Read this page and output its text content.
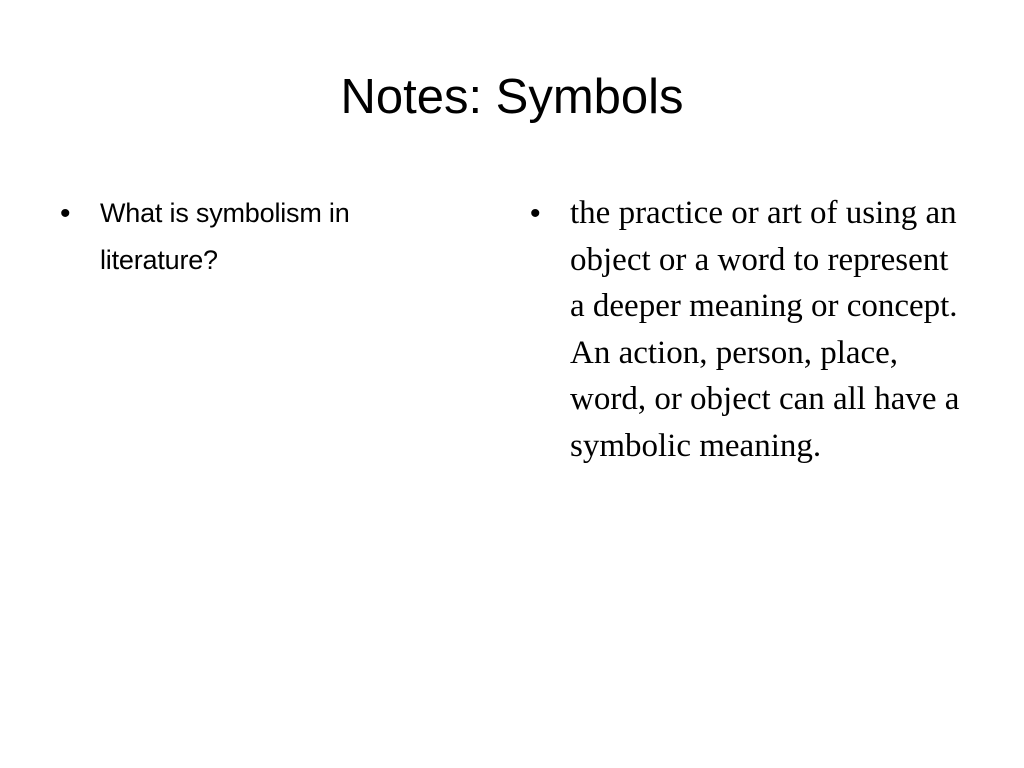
Notes: Symbols
•	What is symbolism in literature?
• the practice or art of using an object or a word to represent a deeper meaning or concept. An action, person, place, word, or object can all have a symbolic meaning.
